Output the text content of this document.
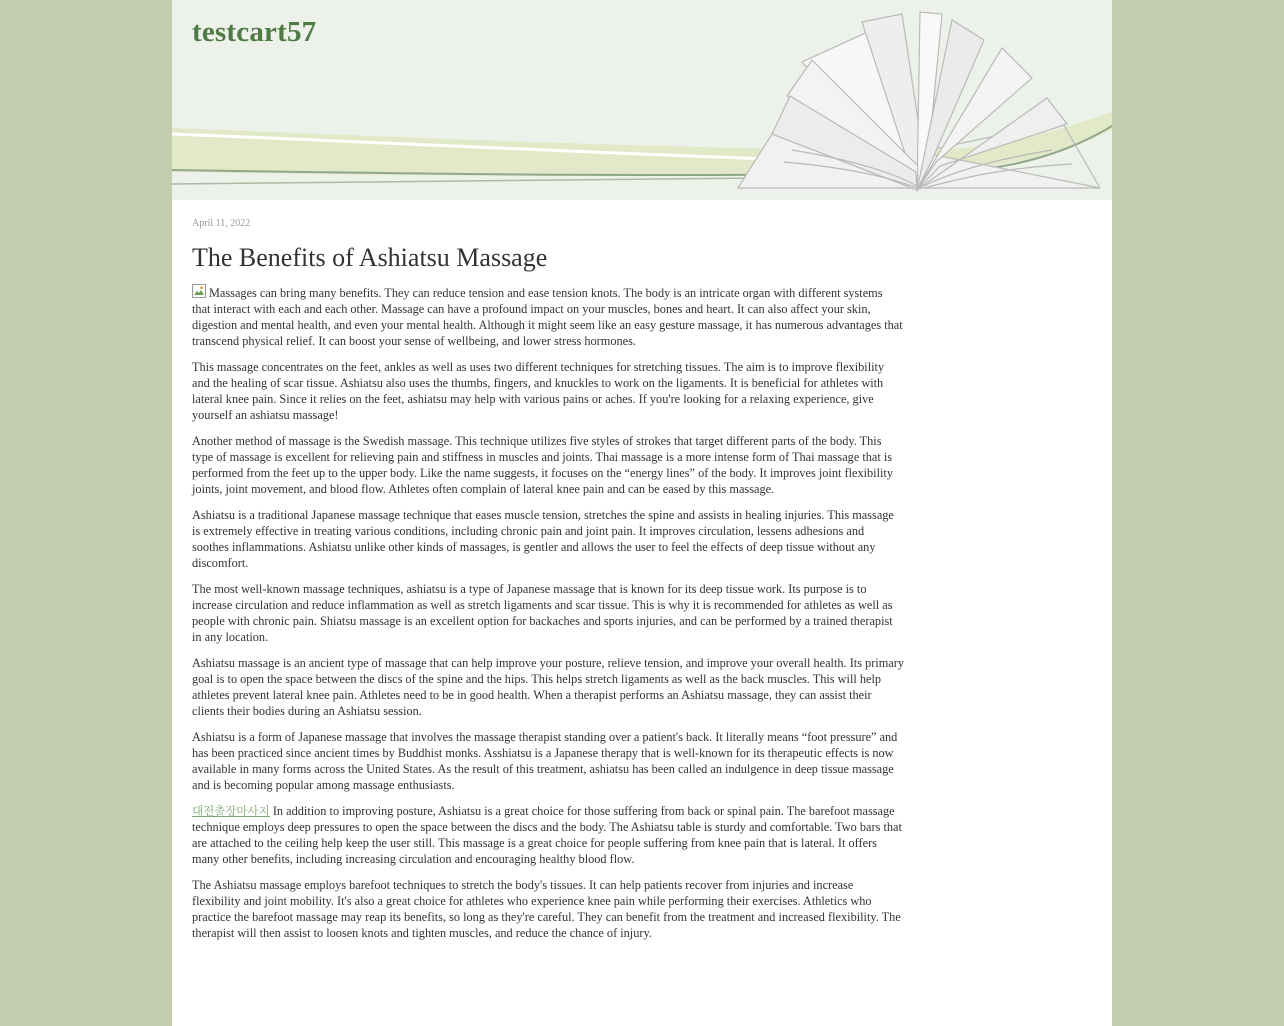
testcart57
April 11, 2022
The Benefits of Ashiatsu Massage

Massages can bring many benefits. They can reduce tension and ease tension knots. The body is an intricate organ with different systems that interact with each and each other. Massage can have a profound impact on your muscles, bones and heart. It can also affect your skin, digestion and mental health, and even your mental health. Although it might seem like an easy gesture massage, it has numerous advantages that transcend physical relief. It can boost your sense of wellbeing, and lower stress hormones.

This massage concentrates on the feet, ankles as well as uses two different techniques for stretching tissues. The aim is to improve flexibility and the healing of scar tissue. Ashiatsu also uses the thumbs, fingers, and knuckles to work on the ligaments. It is beneficial for athletes with lateral knee pain. Since it relies on the feet, ashiatsu may help with various pains or aches. If you're looking for a relaxing experience, give yourself an ashiatsu massage!

Another method of massage is the Swedish massage. This technique utilizes five styles of strokes that target different parts of the body. This type of massage is excellent for relieving pain and stiffness in muscles and joints. Thai massage is a more intense form of Thai massage that is performed from the feet up to the upper body. Like the name suggests, it focuses on the “energy lines” of the body. It improves joint flexibility joints, joint movement, and blood flow. Athletes often complain of lateral knee pain and can be eased by this massage.

Ashiatsu is a traditional Japanese massage technique that eases muscle tension, stretches the spine and assists in healing injuries. This massage is extremely effective in treating various conditions, including chronic pain and joint pain. It improves circulation, lessens adhesions and soothes inflammations. Ashiatsu unlike other kinds of massages, is gentler and allows the user to feel the effects of deep tissue without any discomfort.

The most well-known massage techniques, ashiatsu is a type of Japanese massage that is known for its deep tissue work. Its purpose is to increase circulation and reduce inflammation as well as stretch ligaments and scar tissue. This is why it is recommended for athletes as well as people with chronic pain. Shiatsu massage is an excellent option for backaches and sports injuries, and can be performed by a trained therapist in any location.

Ashiatsu massage is an ancient type of massage that can help improve your posture, relieve tension, and improve your overall health. Its primary goal is to open the space between the discs of the spine and the hips. This helps stretch ligaments as well as the back muscles. This will help athletes prevent lateral knee pain. Athletes need to be in good health. When a therapist performs an Ashiatsu massage, they can assist their clients their bodies during an Ashiatsu session.

Ashiatsu is a form of Japanese massage that involves the massage therapist standing over a patient's back. It literally means “foot pressure” and has been practiced since ancient times by Buddhist monks. Asshiatsu is a Japanese therapy that is well-known for its therapeutic effects is now available in many forms across the United States. As the result of this treatment, ashiatsu has been called an indulgence in deep tissue massage and is becoming popular among massage enthusiasts.

대전출장마사지 In addition to improving posture, Ashiatsu is a great choice for those suffering from back or spinal pain. The barefoot massage technique employs deep pressures to open the space between the discs and the body. The Ashiatsu table is sturdy and comfortable. Two bars that are attached to the ceiling help keep the user still. This massage is a great choice for people suffering from knee pain that is lateral. It offers many other benefits, including increasing circulation and encouraging healthy blood flow.

The Ashiatsu massage employs barefoot techniques to stretch the body's tissues. It can help patients recover from injuries and increase flexibility and joint mobility. It's also a great choice for athletes who experience knee pain while performing their exercises. Athletics who practice the barefoot massage may reap its benefits, so long as they're careful. They can benefit from the treatment and increased flexibility. The therapist will then assist to loosen knots and tighten muscles, and reduce the chance of injury.
